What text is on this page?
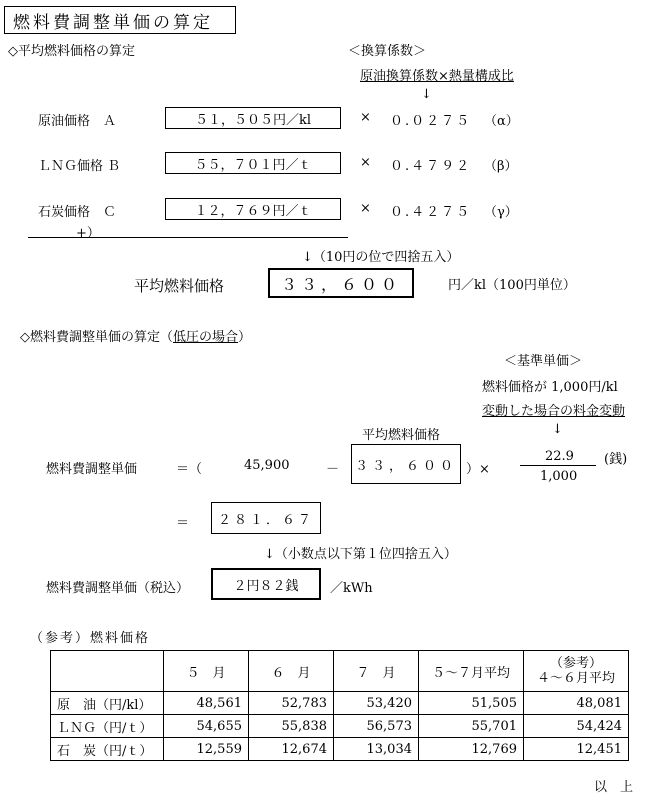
燃料費調整単価の算定
◇平均燃料価格の算定	＜換算係数＞
原油換算係数×熱量構成比
↓
原油価格　Ａ	５１，５０５円／kl	× ０.０２７５ （α）
ＬＮＧ価格 Ｂ	５５，７０１円／ｔ	× ０.４７９２ （β）
石炭価格　Ｃ	１２，７６９円／ｔ	× ０.４２７５ （γ）
+）
↓（10円の位で四捨五入）
平均燃料価格	３３，６００	円／kl（100円単位）
◇燃料費調整単価の算定（低圧の場合）
＜基準単価＞
燃料価格が 1,000円/kl
変動した場合の料金変動
↓
平均燃料価格
燃料費調整単価	＝（	45,900	－ ３３，６００ ）×
22.9
1,000
(銭)
＝ ２８１．６７
↓（小数点以下第１位四捨五入）
燃料費調整単価（税込）	２円８２銭 ／kWh
（参考）燃料価格
	５　月	６　月	７　月	５～７月平均	（参考）
４～６月平均

原　油（円/kl）	48,561	52,783	53,420	51,505	48,081
ＬＮＧ（円/ｔ）	54,655	55,838	56,573	55,701	54,424
石　炭（円/ｔ）	12,559	12,674	13,034	12,769	12,451
以　上
